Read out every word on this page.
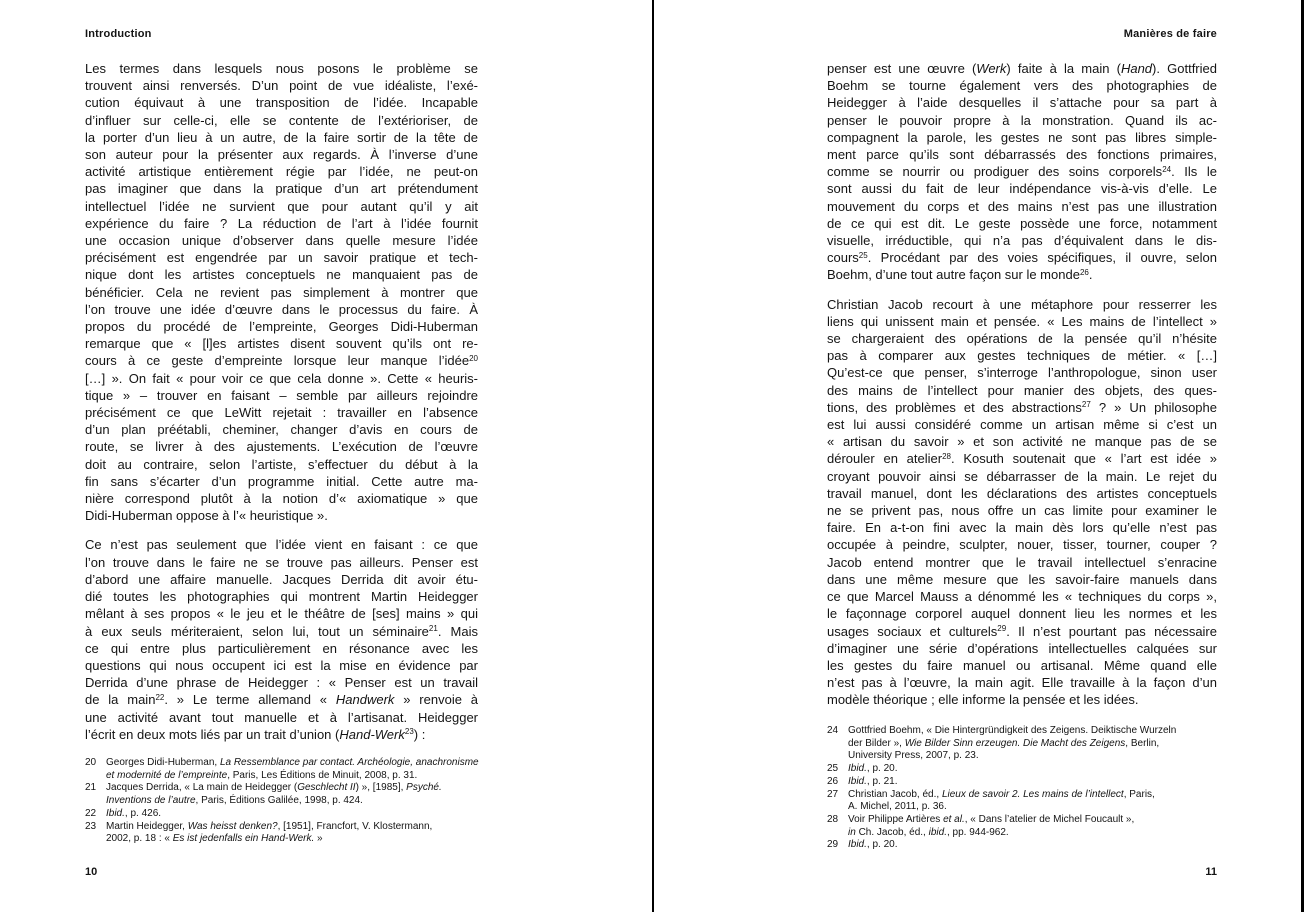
Introduction
Les termes dans lesquels nous posons le problème se
trouvent ainsi renversés. D’un point de vue idéaliste, l’exé-
cution équivaut à une transposition de l’idée. Incapable
d’influer sur celle-ci, elle se contente de l’extérioriser, de
la porter d’un lieu à un autre, de la faire sortir de la tête de
son auteur pour la présenter aux regards. À l’inverse d’une
activité artistique entièrement régie par l’idée, ne peut-on
pas imaginer que dans la pratique d’un art prétendument
intellectuel l’idée ne survient que pour autant qu’il y ait
expérience du faire ? La réduction de l’art à l’idée fournit
une occasion unique d’observer dans quelle mesure l’idée
précisément est engendrée par un savoir pratique et tech-
nique dont les artistes conceptuels ne manquaient pas de
bénéficier. Cela ne revient pas simplement à montrer que
l’on trouve une idée d’œuvre dans le processus du faire. À
propos du procédé de l’empreinte, Georges Didi-Huberman
remarque que « [l]es artistes disent souvent qu’ils ont re-
cours à ce geste d’empreinte lorsque leur manque l’idée$^{20}$
[…] ». On fait « pour voir ce que cela donne ». Cette « heuris-
tique » – trouver en faisant – semble par ailleurs rejoindre
précisément ce que LeWitt rejetait : travailler en l’absence
d’un plan préétabli, cheminer, changer d’avis en cours de
route, se livrer à des ajustements. L’exécution de l’œuvre
doit au contraire, selon l’artiste, s’effectuer du début à la
fin sans s’écarter d’un programme initial. Cette autre ma-
nière correspond plutôt à la notion d’« axiomatique » que
Didi-Huberman oppose à l’« heuristique ».
Ce n’est pas seulement que l’idée vient en faisant : ce que
l’on trouve dans le faire ne se trouve pas ailleurs. Penser est
d’abord une affaire manuelle. Jacques Derrida dit avoir étu-
dié toutes les photographies qui montrent Martin Heidegger
mêlant à ses propos « le jeu et le théâtre de [ses] mains » qui
à eux seuls mériteraient, selon lui, tout un séminaire$^{21}$. Mais
ce qui entre plus particulièrement en résonance avec les
questions qui nous occupent ici est la mise en évidence par
Derrida d’une phrase de Heidegger : « Penser est un travail
de la main$^{22}$. » Le terme allemand « Handwerk » renvoie à
une activité avant tout manuelle et à l’artisanat. Heidegger
l’écrit en deux mots liés par un trait d’union (Hand-Werk$^{23}$) :
20 Georges Didi-Huberman, La Ressemblance par contact. Archéologie, anachronisme
et modernité de l’empreinte, Paris, Les Éditions de Minuit, 2008, p. 31.
21 Jacques Derrida, « La main de Heidegger (Geschlecht II) », [1985], Psyché.
Inventions de l’autre, Paris, Éditions Galilée, 1998, p. 424.
22 Ibid., p. 426.
23 Martin Heidegger, Was heisst denken?, [1951], Francfort, V. Klostermann,
2002, p. 18 : « Es ist jedenfalls ein Hand-Werk. »
10
Manières de faire
penser est une œuvre (Werk) faite à la main (Hand). Gottfried
Boehm se tourne également vers des photographies de
Heidegger à l’aide desquelles il s’attache pour sa part à
penser le pouvoir propre à la monstration. Quand ils ac-
compagnent la parole, les gestes ne sont pas libres simple-
ment parce qu’ils sont débarrassés des fonctions primaires,
comme se nourrir ou prodiguer des soins corporels$^{24}$. Ils le
sont aussi du fait de leur indépendance vis-à-vis d’elle. Le
mouvement du corps et des mains n’est pas une illustration
de ce qui est dit. Le geste possède une force, notamment
visuelle, irréductible, qui n’a pas d’équivalent dans le dis-
cours$^{25}$. Procédant par des voies spécifiques, il ouvre, selon
Boehm, d’une tout autre façon sur le monde$^{26}$.
Christian Jacob recourt à une métaphore pour resserrer les
liens qui unissent main et pensée. « Les mains de l’intellect »
se chargeraient des opérations de la pensée qu’il n’hésite
pas à comparer aux gestes techniques de métier. « […]
Qu’est-ce que penser, s’interroge l’anthropologue, sinon user
des mains de l’intellect pour manier des objets, des ques-
tions, des problèmes et des abstractions$^{27}$ ? » Un philosophe
est lui aussi considéré comme un artisan même si c’est un
« artisan du savoir » et son activité ne manque pas de se
dérouler en atelier$^{28}$. Kosuth soutenait que « l’art est idée »
croyant pouvoir ainsi se débarrasser de la main. Le rejet du
travail manuel, dont les déclarations des artistes conceptuels
ne se privent pas, nous offre un cas limite pour examiner le
faire. En a-t-on fini avec la main dès lors qu’elle n’est pas
occupée à peindre, sculpter, nouer, tisser, tourner, couper ?
Jacob entend montrer que le travail intellectuel s’enracine
dans une même mesure que les savoir-faire manuels dans
ce que Marcel Mauss a dénommé les « techniques du corps »,
le façonnage corporel auquel donnent lieu les normes et les
usages sociaux et culturels$^{29}$. Il n’est pourtant pas nécessaire
d’imaginer une série d’opérations intellectuelles calquées sur
les gestes du faire manuel ou artisanal. Même quand elle
n’est pas à l’œuvre, la main agit. Elle travaille à la façon d’un
modèle théorique ; elle informe la pensée et les idées.
24 Gottfried Boehm, « Die Hintergründigkeit des Zeigens. Deiktische Wurzeln
der Bilder », Wie Bilder Sinn erzeugen. Die Macht des Zeigens, Berlin,
University Press, 2007, p. 23.
25 Ibid., p. 20.
26 Ibid., p. 21.
27 Christian Jacob, éd., Lieux de savoir 2. Les mains de l’intellect, Paris,
A. Michel, 2011, p. 36.
28 Voir Philippe Artières et al., « Dans l’atelier de Michel Foucault »,
in Ch. Jacob, éd., ibid., pp. 944-962.
29 Ibid., p. 20.
11
